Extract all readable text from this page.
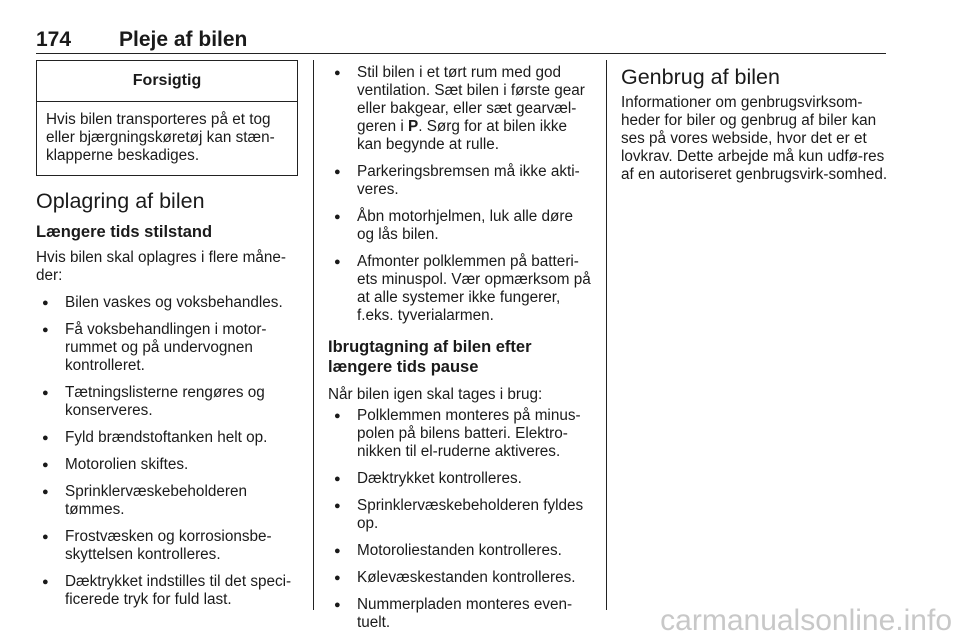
174 Pleje af bilen
Forsigtig

Hvis bilen transporteres på et tog eller bjærgningskøretøj kan stæn-klapperne beskadiges.

Oplagring af bilen
Længere tids stilstand

Hvis bilen skal oplagres i flere måne-der:

● Bilen vaskes og voksbehandles.
● Få voksbehandlingen i motor-rummet og på undervognen kontrolleret.
● Tætningslisterne rengøres og konserveres.
● Fyld brændstoftanken helt op.
● Motorolien skiftes.
● Sprinklervæskebeholderen tømmes.
● Frostvæsken og korrosionsbe-skyttelsen kontrolleres.
● Dæktrykket indstilles til det speci-ficerede tryk for fuld last.
● Stil bilen i et tørt rum med god ventilation. Sæt bilen i første gear eller bakgear, eller sæt gearvæl-geren i P. Sørg for at bilen ikke kan begynde at rulle.
● Parkeringsbremsen må ikke akti-veres.
● Åbn motorhjelmen, luk alle døre og lås bilen.
● Afmonter polklemmen på batteri-ets minuspol. Vær opmærksom på at alle systemer ikke fungerer, f.eks. tyverialarmen.
Ibrugtagning af bilen efter
længere tids pause

Når bilen igen skal tages i brug:

● Polklemmen monteres på minus-polen på bilens batteri. Elektro-nikken til el-ruderne aktiveres.
● Dæktrykket kontrolleres.
● Sprinklervæskebeholderen fyldes op.
● Motoroliestanden kontrolleres.
● Kølevæskestanden kontrolleres.
● Nummerpladen monteres even-tuelt.
Genbrug af bilen

Informationer om genbrugsvirksom-heder for biler og genbrug af biler kan ses på vores webside, hvor det er et lovkrav. Dette arbejde må kun udfø-res af en autoriseret genbrugsvirk-somhed.

carmanualsonline.info
